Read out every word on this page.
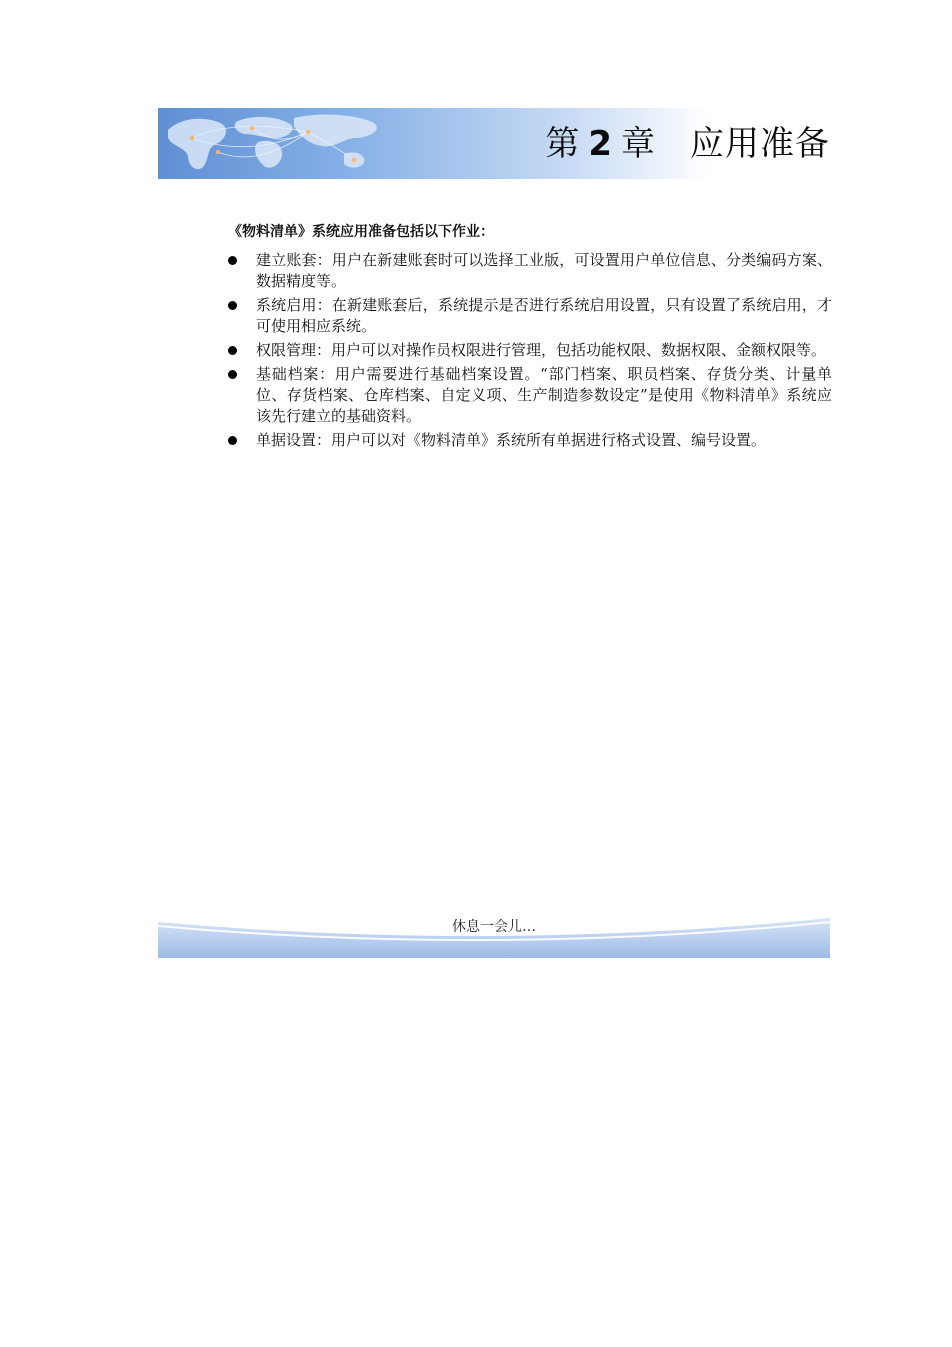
第 2 章 应用准备

《物料清单》系统应用准备包括以下作业：

建立账套：用户在新建账套时可以选择工业版，可设置用户单位信息、分类编码方案、数据精度等。
系统启用：在新建账套后，系统提示是否进行系统启用设置，只有设置了系统启用，才可使用相应系统。
权限管理：用户可以对操作员权限进行管理，包括功能权限、数据权限、金额权限等。
基础档案：用户需要进行基础档案设置。“部门档案、职员档案、存货分类、计量单位、存货档案、仓库档案、自定义项、生产制造参数设定”是使用《物料清单》系统应该先行建立的基础资料。
单据设置：用户可以对《物料清单》系统所有单据进行格式设置、编号设置。
休息一会儿…
